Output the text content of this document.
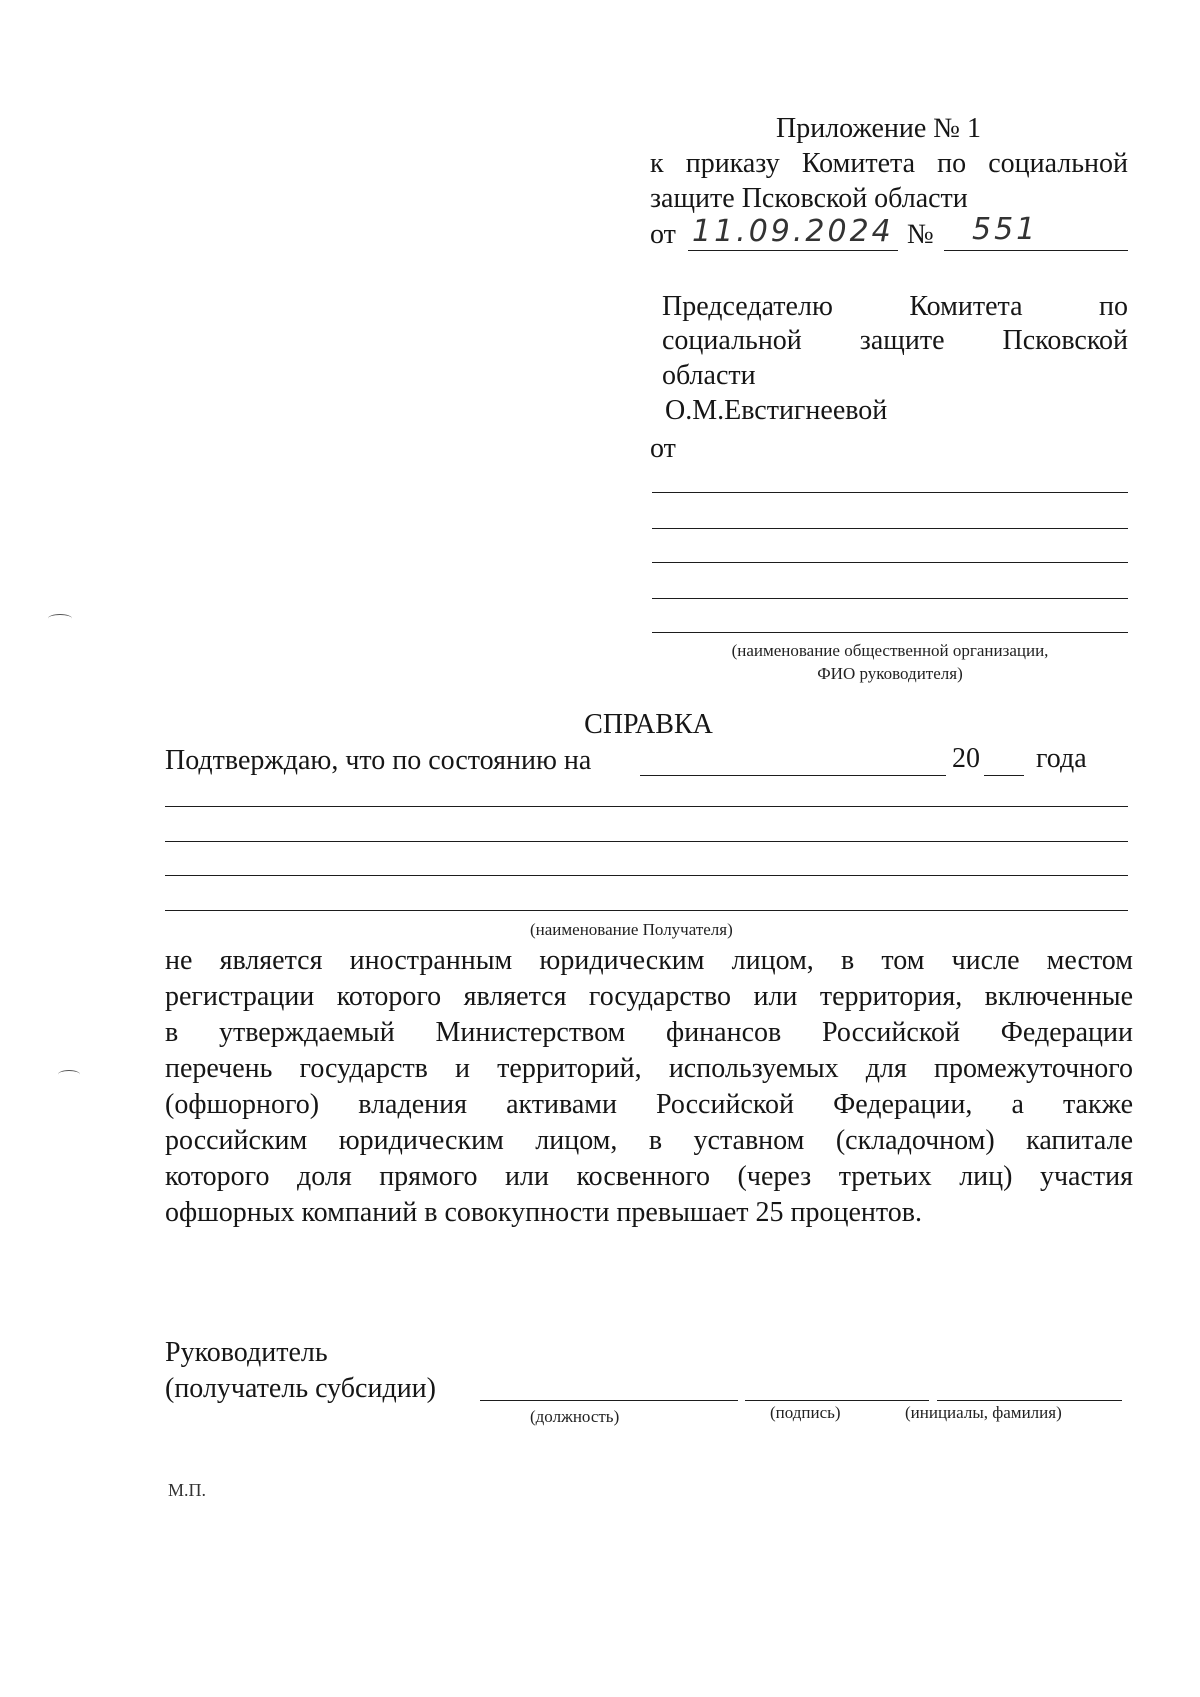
Приложение № 1
к приказу Комитета по социальной
защите Псковской области
от 11.09.2024 № 551
Председателю	Комитета	по
социальной защите Псковской
области
О.М.Евстигнеевой
от
(наименование общественной организации,
ФИО руководителя)
СПРАВКА
Подтверждаю, что по состоянию на	20 года
(наименование Получателя)
не является иностранным юридическим лицом, в том числе местом
регистрации которого является государство или территория, включенные
в утверждаемый Министерством финансов Российской Федерации
перечень государств и территорий, используемых для промежуточного
(офшорного) владения активами Российской Федерации, а также
российским юридическим лицом, в уставном (складочном) капитале
которого доля прямого или косвенного (через третьих лиц) участия
офшорных компаний в совокупности превышает 25 процентов.
Руководитель
(получатель субсидии)
(должность)	(подпись)	(инициалы, фамилия)
М.П.
